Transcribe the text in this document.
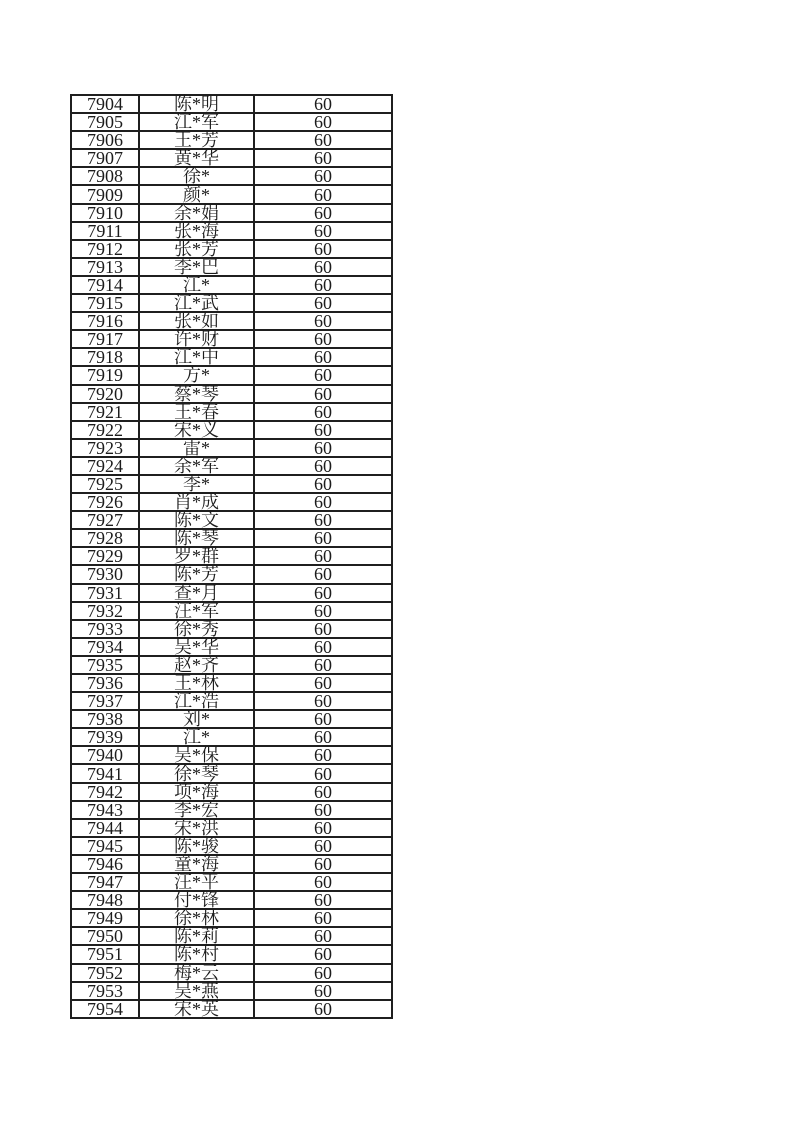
7904	陈*明	60
7905	江*军	60
7906	王*芳	60
7907	黄*华	60
7908	徐*	60
7909	颜*	60
7910	余*娟	60
7911	张*海	60
7912	张*芳	60
7913	李*巴	60
7914	江*	60
7915	江*武	60
7916	张*如	60
7917	许*财	60
7918	江*中	60
7919	方*	60
7920	蔡*琴	60
7921	王*春	60
7922	宋*义	60
7923	雷*	60
7924	余*军	60
7925	李*	60
7926	肖*成	60
7927	陈*文	60
7928	陈*琴	60
7929	罗*群	60
7930	陈*芳	60
7931	查*月	60
7932	汪*军	60
7933	徐*秀	60
7934	吴*华	60
7935	赵*齐	60
7936	王*林	60
7937	江*浩	60
7938	刘*	60
7939	江*	60
7940	吴*保	60
7941	徐*琴	60
7942	项*海	60
7943	李*宏	60
7944	宋*洪	60
7945	陈*骏	60
7946	童*海	60
7947	汪*平	60
7948	付*锋	60
7949	徐*林	60
7950	陈*莉	60
7951	陈*村	60
7952	梅*云	60
7953	吴*燕	60
7954	宋*英	60
